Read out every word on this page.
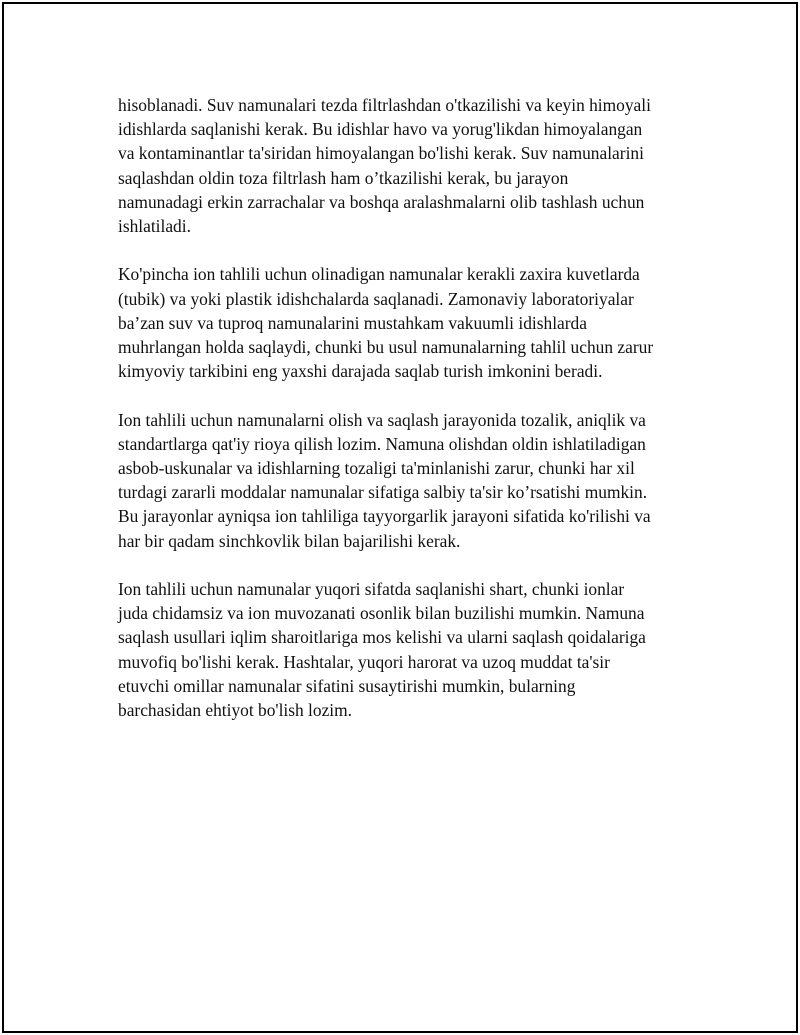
hisoblanadi. Suv namunalari tezda filtrlashdan o'tkazilishi va keyin himoyali
idishlarda saqlanishi kerak. Bu idishlar havo va yorug'likdan himoyalangan
va kontaminantlar ta'siridan himoyalangan bo'lishi kerak. Suv namunalarini
saqlashdan oldin toza filtrlash ham o’tkazilishi kerak, bu jarayon
namunadagi erkin zarrachalar va boshqa aralashmalarni olib tashlash uchun
ishlatiladi.

Ko'pincha ion tahlili uchun olinadigan namunalar kerakli zaxira kuvetlarda
(tubik) va yoki plastik idishchalarda saqlanadi. Zamonaviy laboratoriyalar
ba’zan suv va tuproq namunalarini mustahkam vakuumli idishlarda
muhrlangan holda saqlaydi, chunki bu usul namunalarning tahlil uchun zarur
kimyoviy tarkibini eng yaxshi darajada saqlab turish imkonini beradi.

Ion tahlili uchun namunalarni olish va saqlash jarayonida tozalik, aniqlik va
standartlarga qat'iy rioya qilish lozim. Namuna olishdan oldin ishlatiladigan
asbob-uskunalar va idishlarning tozaligi ta'minlanishi zarur, chunki har xil
turdagi zararli moddalar namunalar sifatiga salbiy ta'sir ko’rsatishi mumkin.
Bu jarayonlar ayniqsa ion tahliliga tayyorgarlik jarayoni sifatida ko'rilishi va
har bir qadam sinchkovlik bilan bajarilishi kerak.

Ion tahlili uchun namunalar yuqori sifatda saqlanishi shart, chunki ionlar
juda chidamsiz va ion muvozanati osonlik bilan buzilishi mumkin. Namuna
saqlash usullari iqlim sharoitlariga mos kelishi va ularni saqlash qoidalariga
muvofiq bo'lishi kerak. Hashtalar, yuqori harorat va uzoq muddat ta'sir
etuvchi omillar namunalar sifatini susaytirishi mumkin, bularning
barchasidan ehtiyot bo'lish lozim.
